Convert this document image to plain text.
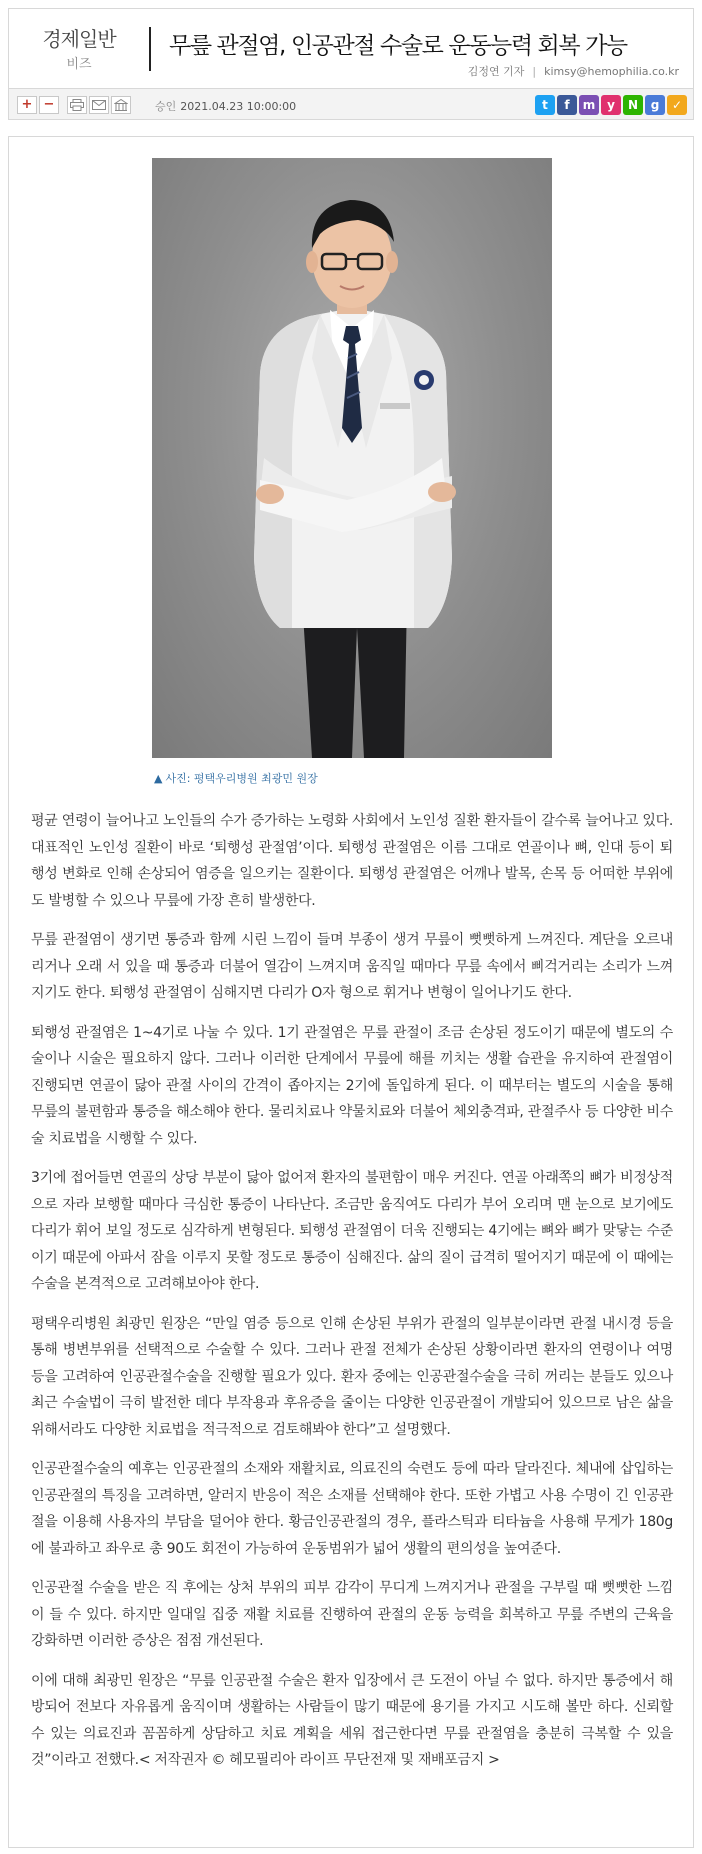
경제일반
비즈
무릎 관절염, 인공관절 수술로 운동능력 회복 가능
김정연 기자 | kimsy@hemophilia.co.kr
+ −	승인 2021.04.23 10:00:00	t	f	m y	N	g	✓
▲ 사진: 평택우리병원 최광민 원장

평균 연령이 늘어나고 노인들의 수가 증가하는 노령화 사회에서 노인성 질환 환자들이 갈수록 늘어나고 있다. 대표적인 노인성 질환이 바로 ‘퇴행성 관절염’이다. 퇴행성 관절염은 이름 그대로 연골이나 뼈, 인대 등이 퇴행성 변화로 인해 손상되어 염증을 일으키는 질환이다. 퇴행성 관절염은 어깨나 발목, 손목 등 어떠한 부위에도 발병할 수 있으나 무릎에 가장 흔히 발생한다.

무릎 관절염이 생기면 통증과 함께 시린 느낌이 들며 부종이 생겨 무릎이 뻣뻣하게 느껴진다. 계단을 오르내리거나 오래 서 있을 때 통증과 더불어 열감이 느껴지며 움직일 때마다 무릎 속에서 삐걱거리는 소리가 느껴지기도 한다. 퇴행성 관절염이 심해지면 다리가 O자 형으로 휘거나 변형이 일어나기도 한다.

퇴행성 관절염은 1~4기로 나눌 수 있다. 1기 관절염은 무릎 관절이 조금 손상된 정도이기 때문에 별도의 수술이나 시술은 필요하지 않다. 그러나 이러한 단계에서 무릎에 해를 끼치는 생활 습관을 유지하여 관절염이 진행되면 연골이 닳아 관절 사이의 간격이 좁아지는 2기에 돌입하게 된다. 이 때부터는 별도의 시술을 통해 무릎의 불편함과 통증을 해소해야 한다. 물리치료나 약물치료와 더불어 체외충격파, 관절주사 등 다양한 비수술 치료법을 시행할 수 있다.

3기에 접어들면 연골의 상당 부분이 닳아 없어져 환자의 불편함이 매우 커진다. 연골 아래쪽의 뼈가 비정상적으로 자라 보행할 때마다 극심한 통증이 나타난다. 조금만 움직여도 다리가 부어 오리며 맨 눈으로 보기에도 다리가 휘어 보일 정도로 심각하게 변형된다. 퇴행성 관절염이 더욱 진행되는 4기에는 뼈와 뼈가 맞닿는 수준이기 때문에 아파서 잠을 이루지 못할 정도로 통증이 심해진다. 삶의 질이 급격히 떨어지기 때문에 이 때에는 수술을 본격적으로 고려해보아야 한다.

평택우리병원 최광민 원장은 “만일 염증 등으로 인해 손상된 부위가 관절의 일부분이라면 관절 내시경 등을 통해 병변부위를 선택적으로 수술할 수 있다. 그러나 관절 전체가 손상된 상황이라면 환자의 연령이나 여명 등을 고려하여 인공관절수술을 진행할 필요가 있다. 환자 중에는 인공관절수술을 극히 꺼리는 분들도 있으나 최근 수술법이 극히 발전한 데다 부작용과 후유증을 줄이는 다양한 인공관절이 개발되어 있으므로 남은 삶을 위해서라도 다양한 치료법을 적극적으로 검토해봐야 한다”고 설명했다.

인공관절수술의 예후는 인공관절의 소재와 재활치료, 의료진의 숙련도 등에 따라 달라진다. 체내에 삽입하는 인공관절의 특징을 고려하면, 알러지 반응이 적은 소재를 선택해야 한다. 또한 가볍고 사용 수명이 긴 인공관절을 이용해 사용자의 부담을 덜어야 한다. 황금인공관절의 경우, 플라스틱과 티타늄을 사용해 무게가 180g에 불과하고 좌우로 총 90도 회전이 가능하여 운동범위가 넓어 생활의 편의성을 높여준다.

인공관절 수술을 받은 직 후에는 상처 부위의 피부 감각이 무디게 느껴지거나 관절을 구부릴 때 뻣뻣한 느낌이 들 수 있다. 하지만 일대일 집중 재활 치료를 진행하여 관절의 운동 능력을 회복하고 무릎 주변의 근육을 강화하면 이러한 증상은 점점 개선된다.

이에 대해 최광민 원장은 “무릎 인공관절 수술은 환자 입장에서 큰 도전이 아닐 수 없다. 하지만 통증에서 해방되어 전보다 자유롭게 움직이며 생활하는 사람들이 많기 때문에 용기를 가지고 시도해 볼만 하다. 신뢰할 수 있는 의료진과 꼼꼼하게 상담하고 치료 계획을 세워 접근한다면 무릎 관절염을 충분히 극복할 수 있을 것”이라고 전했다.< 저작권자 © 헤모필리아 라이프 무단전재 및 재배포금지 >
